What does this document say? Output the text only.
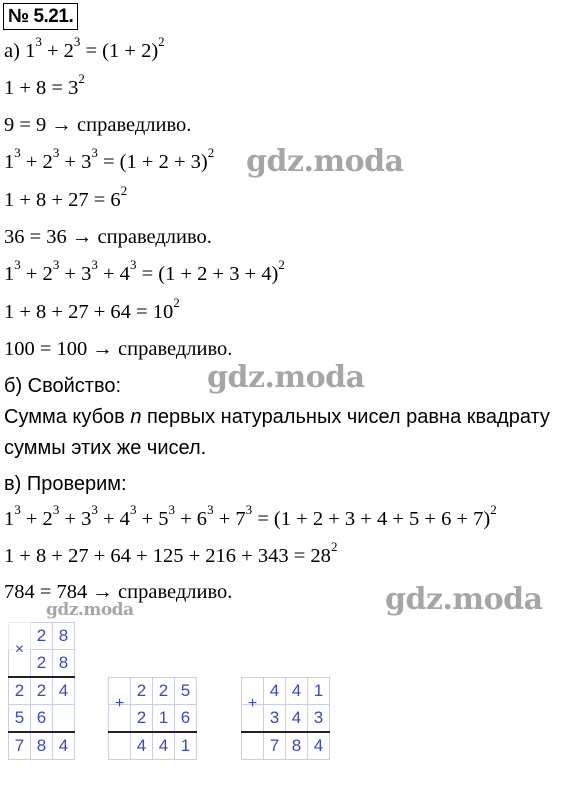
№ 5.21.
а) $1^3 + 2^3 = (1 + 2)^2$
$1 + 8 = 3^2$
9 = 9 → справедливо.
$1^3 + 2^3 + 3^3 = (1 + 2 + 3)^2$
$1 + 8 + 27 = 6^2$
36 = 36 → справедливо.
$1^3 + 2^3 + 3^3 + 4^3 = (1 + 2 + 3 + 4)^2$
$1 + 8 + 27 + 64 = 10^2$
100 = 100 → справедливо.
б) Свойство:
Сумма кубов n первых натуральных чисел равна квадрату
суммы этих же чисел.
в) Проверим:
$1^3 + 2^3 + 3^3 + 4^3 + 5^3 + 6^3 + 7^3 = (1 + 2 + 3 + 4 + 5 + 6 + 7)^2$
$1 + 8 + 27 + 64 + 125 + 216 + 343 = 28^2$
784 = 784 → справедливо.
gdz.moda
gdz.moda
gdz.moda
gdz.moda
	2	8
×	2	8
2	2	4
5	6	
7	8	4
+	2	2	5
	2	1	6
	4	4	1
+	4	4	1
	3	4	3
	7	8	4
